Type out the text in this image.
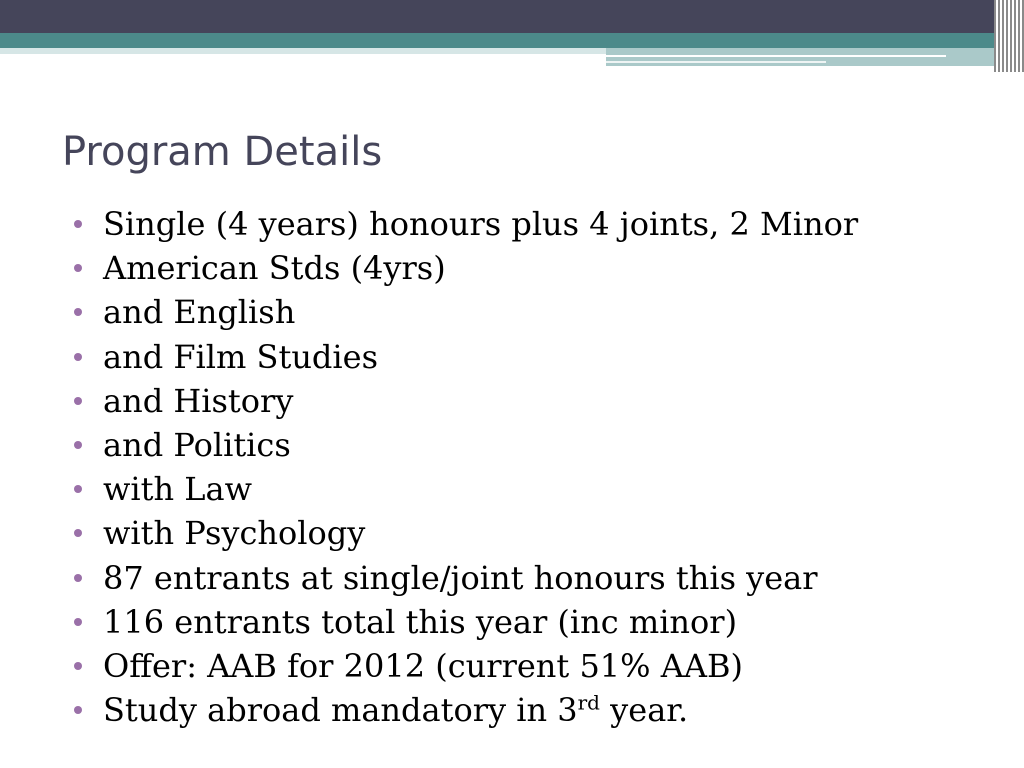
Program Details
Single (4 years) honours plus 4 joints, 2 Minor
American Stds (4yrs)
and English
and Film Studies
and History
and Politics
with Law
with Psychology
87 entrants at single/joint honours this year
116 entrants total this year (inc minor)
Offer: AAB for 2012 (current 51% AAB)
Study abroad mandatory in 3rd year.
